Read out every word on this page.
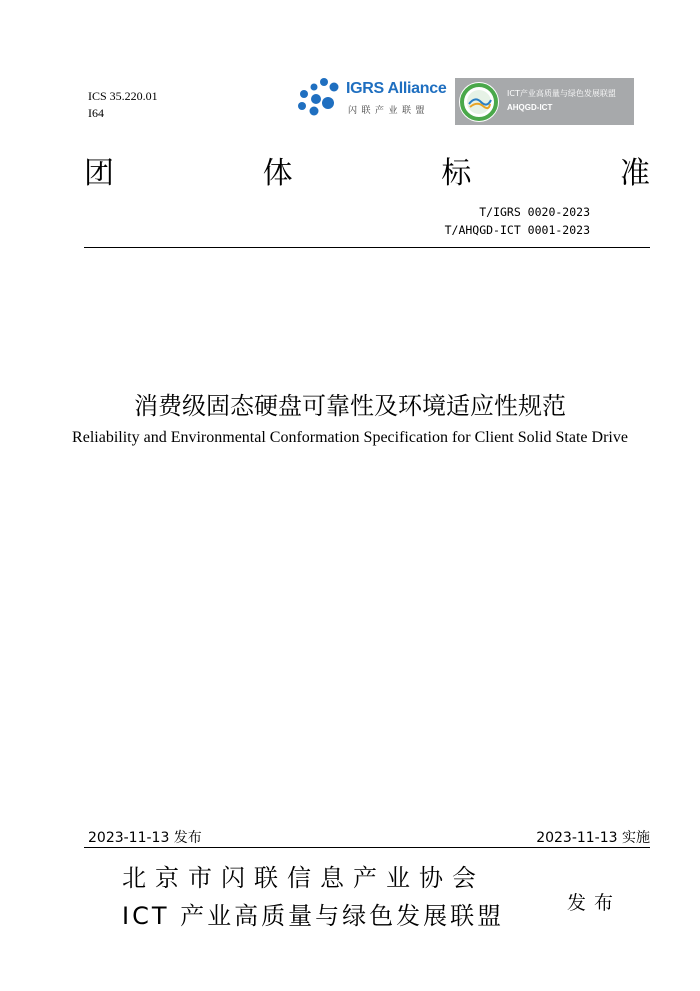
ICS 35.220.01
I64
IGRS Alliance
闪联产业联盟
ICT产业高质量与绿色发展联盟
AHQGD-ICT
团	体	标	准
T/IGRS 0020-2023
T/AHQGD-ICT 0001-2023
消费级固态硬盘可靠性及环境适应性规范
Reliability and Environmental Conformation Specification for Client Solid State Drive
2023-11-13 发布	2023-11-13 实施
北京市闪联信息产业协会
ICT 产业高质量与绿色发展联盟	发布
